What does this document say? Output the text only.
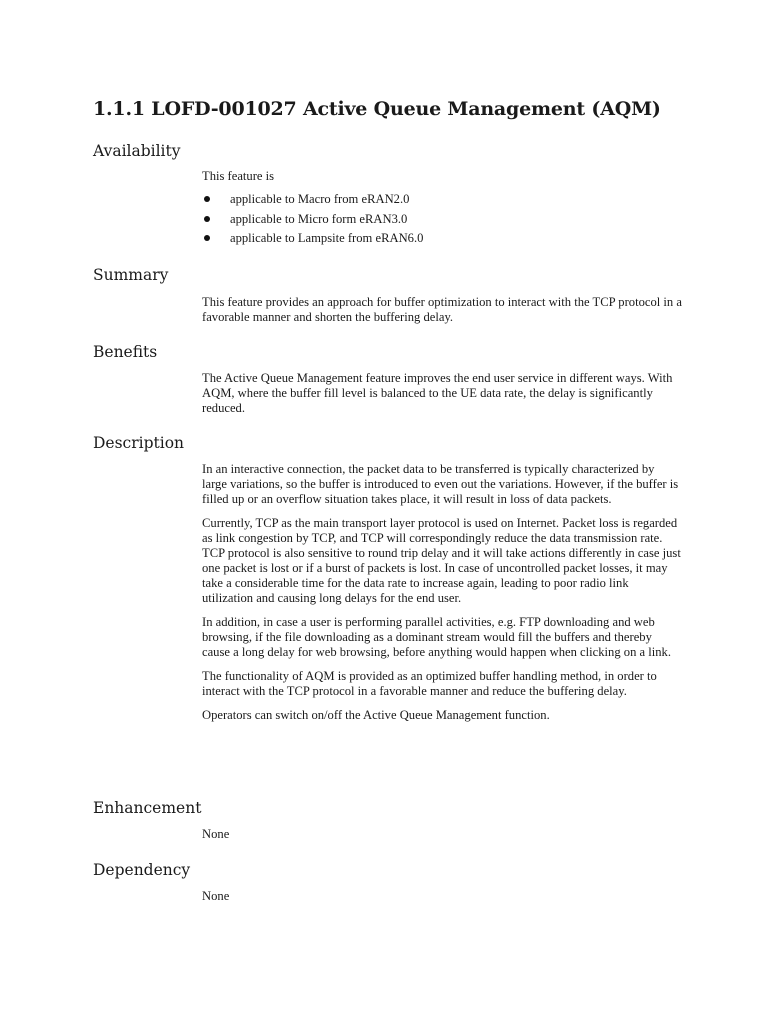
1.1.1 LOFD-001027 Active Queue Management (AQM)
Availability

This feature is

applicable to Macro from eRAN2.0
applicable to Micro form eRAN3.0
applicable to Lampsite from eRAN6.0
Summary

This feature provides an approach for buffer optimization to interact with the TCP protocol in a favorable manner and shorten the buffering delay.

Benefits

The Active Queue Management feature improves the end user service in different ways. With AQM, where the buffer fill level is balanced to the UE data rate, the delay is significantly reduced.

Description

In an interactive connection, the packet data to be transferred is typically characterized by large variations, so the buffer is introduced to even out the variations. However, if the buffer is filled up or an overflow situation takes place, it will result in loss of data packets.

Currently, TCP as the main transport layer protocol is used on Internet. Packet loss is regarded as link congestion by TCP, and TCP will correspondingly reduce the data transmission rate. TCP protocol is also sensitive to round trip delay and it will take actions differently in case just one packet is lost or if a burst of packets is lost. In case of uncontrolled packet losses, it may take a considerable time for the data rate to increase again, leading to poor radio link utilization and causing long delays for the end user.

In addition, in case a user is performing parallel activities, e.g. FTP downloading and web browsing, if the file downloading as a dominant stream would fill the buffers and thereby cause a long delay for web browsing, before anything would happen when clicking on a link.

The functionality of AQM is provided as an optimized buffer handling method, in order to interact with the TCP protocol in a favorable manner and reduce the buffering delay.

Operators can switch on/off the Active Queue Management function.

Enhancement

None

Dependency

None
